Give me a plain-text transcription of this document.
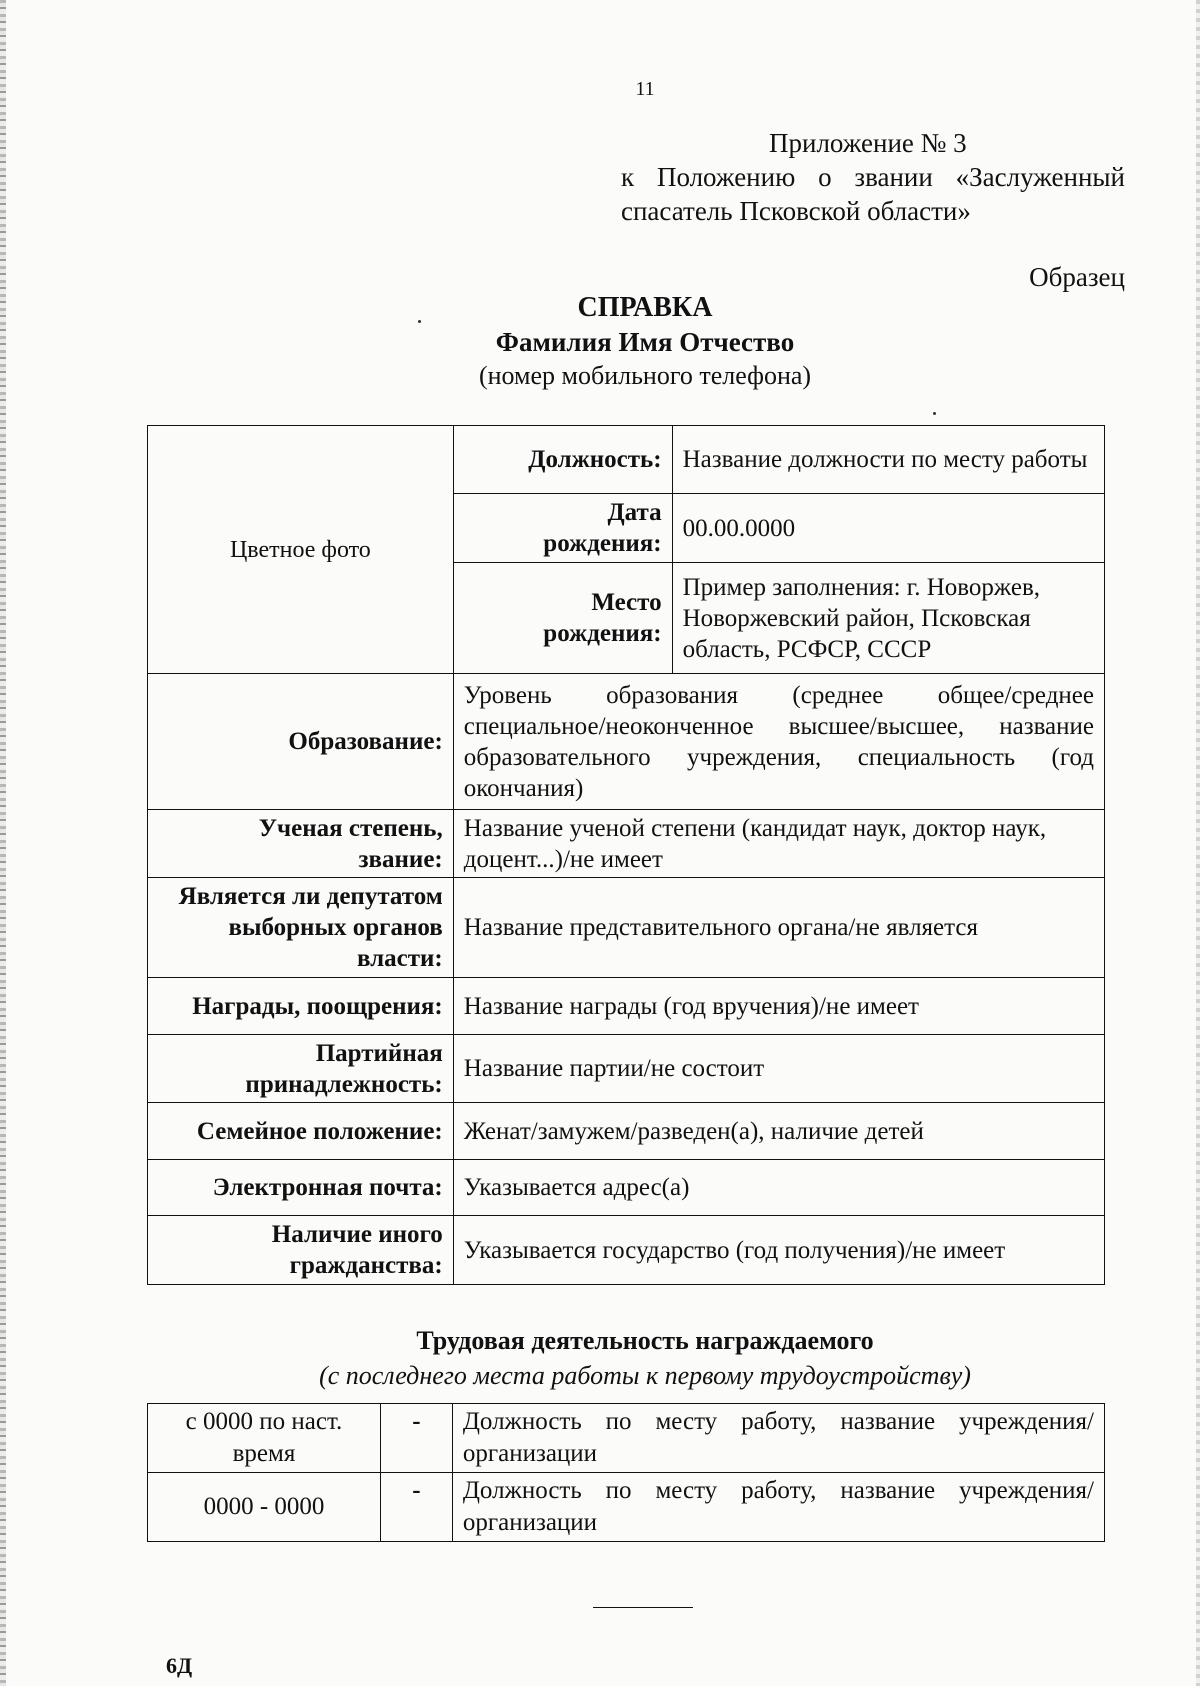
11
Приложение № 3
к Положению о звании «Заслуженный
спасатель Псковской области»
Образец
СПРАВКА
Фамилия Имя Отчество
(номер мобильного телефона)
Цветное фото	Должность:	Название должности по месту работы

	Дата рождения:	00.00.0000

	Место рождения:	Пример заполнения: г. Новоржев, Новоржевский район, Псковская область, РСФСР, СССР
Образование:	Уровень образования (среднее общее/среднее специальное/неоконченное высшее/высшее, название образовательного учреждения, специальность (год окончания)	

Ученая степень, звание:	Название ученой степени (кандидат наук, доктор наук, доцент...)/не имеет	

Является ли депутатом выборных органов власти:	Название представительного органа/не является	
Награды, поощрения:	Название награды (год вручения)/не имеет	

Партийная принадлежность:	Название партии/не состоит	
Семейное положение:	Женат/замужем/разведен(а), наличие детей	
Электронная почта:	Указывается адрес(а)	

Наличие иного гражданства:	Указывается государство (год получения)/не имеет	
Трудовая деятельность награждаемого
(с последнего места работы к первому трудоустройству)
с 0000 по наст. время	-	Должность по месту работу, название учреждения/организации
0000 - 0000	-	Должность по месту работу, название учреждения/организации
6Д
